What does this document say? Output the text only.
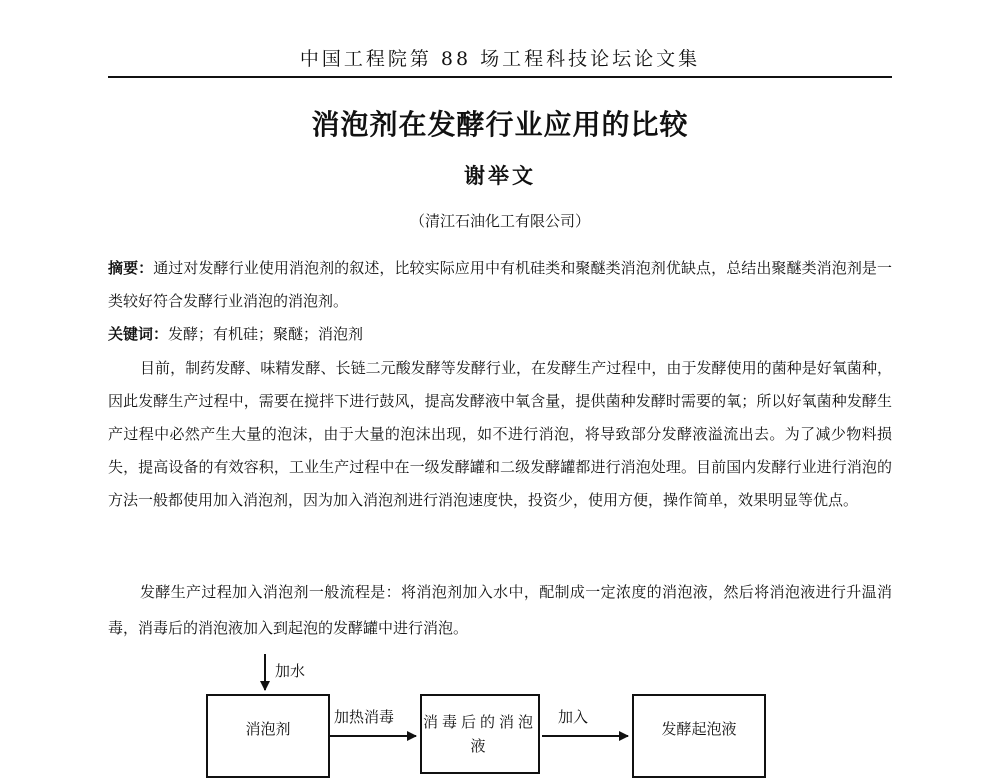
中国工程院第 88 场工程科技论坛论文集
消泡剂在发酵行业应用的比较
谢举文
（清江石油化工有限公司）

摘要：通过对发酵行业使用消泡剂的叙述，比较实际应用中有机硅类和聚醚类消泡剂优缺点，总结出聚醚类消泡剂是一类较好符合发酵行业消泡的消泡剂。

关键词：发酵；有机硅；聚醚；消泡剂

目前，制药发酵、味精发酵、长链二元酸发酵等发酵行业，在发酵生产过程中，由于发酵使用的菌种是好氧菌种，因此发酵生产过程中，需要在搅拌下进行鼓风，提高发酵液中氧含量，提供菌种发酵时需要的氧；所以好氧菌种发酵生产过程中必然产生大量的泡沫，由于大量的泡沫出现，如不进行消泡，将导致部分发酵液溢流出去。为了减少物料损失，提高设备的有效容积，工业生产过程中在一级发酵罐和二级发酵罐都进行消泡处理。目前国内发酵行业进行消泡的方法一般都使用加入消泡剂，因为加入消泡剂进行消泡速度快，投资少，使用方便，操作简单，效果明显等优点。

发酵生产过程加入消泡剂一般流程是：将消泡剂加入水中，配制成一定浓度的消泡液，然后将消泡液进行升温消毒，消毒后的消泡液加入到起泡的发酵罐中进行消泡。

加水
加热消毒	加入
消泡剂	消毒后的消泡液
发酵起泡液
